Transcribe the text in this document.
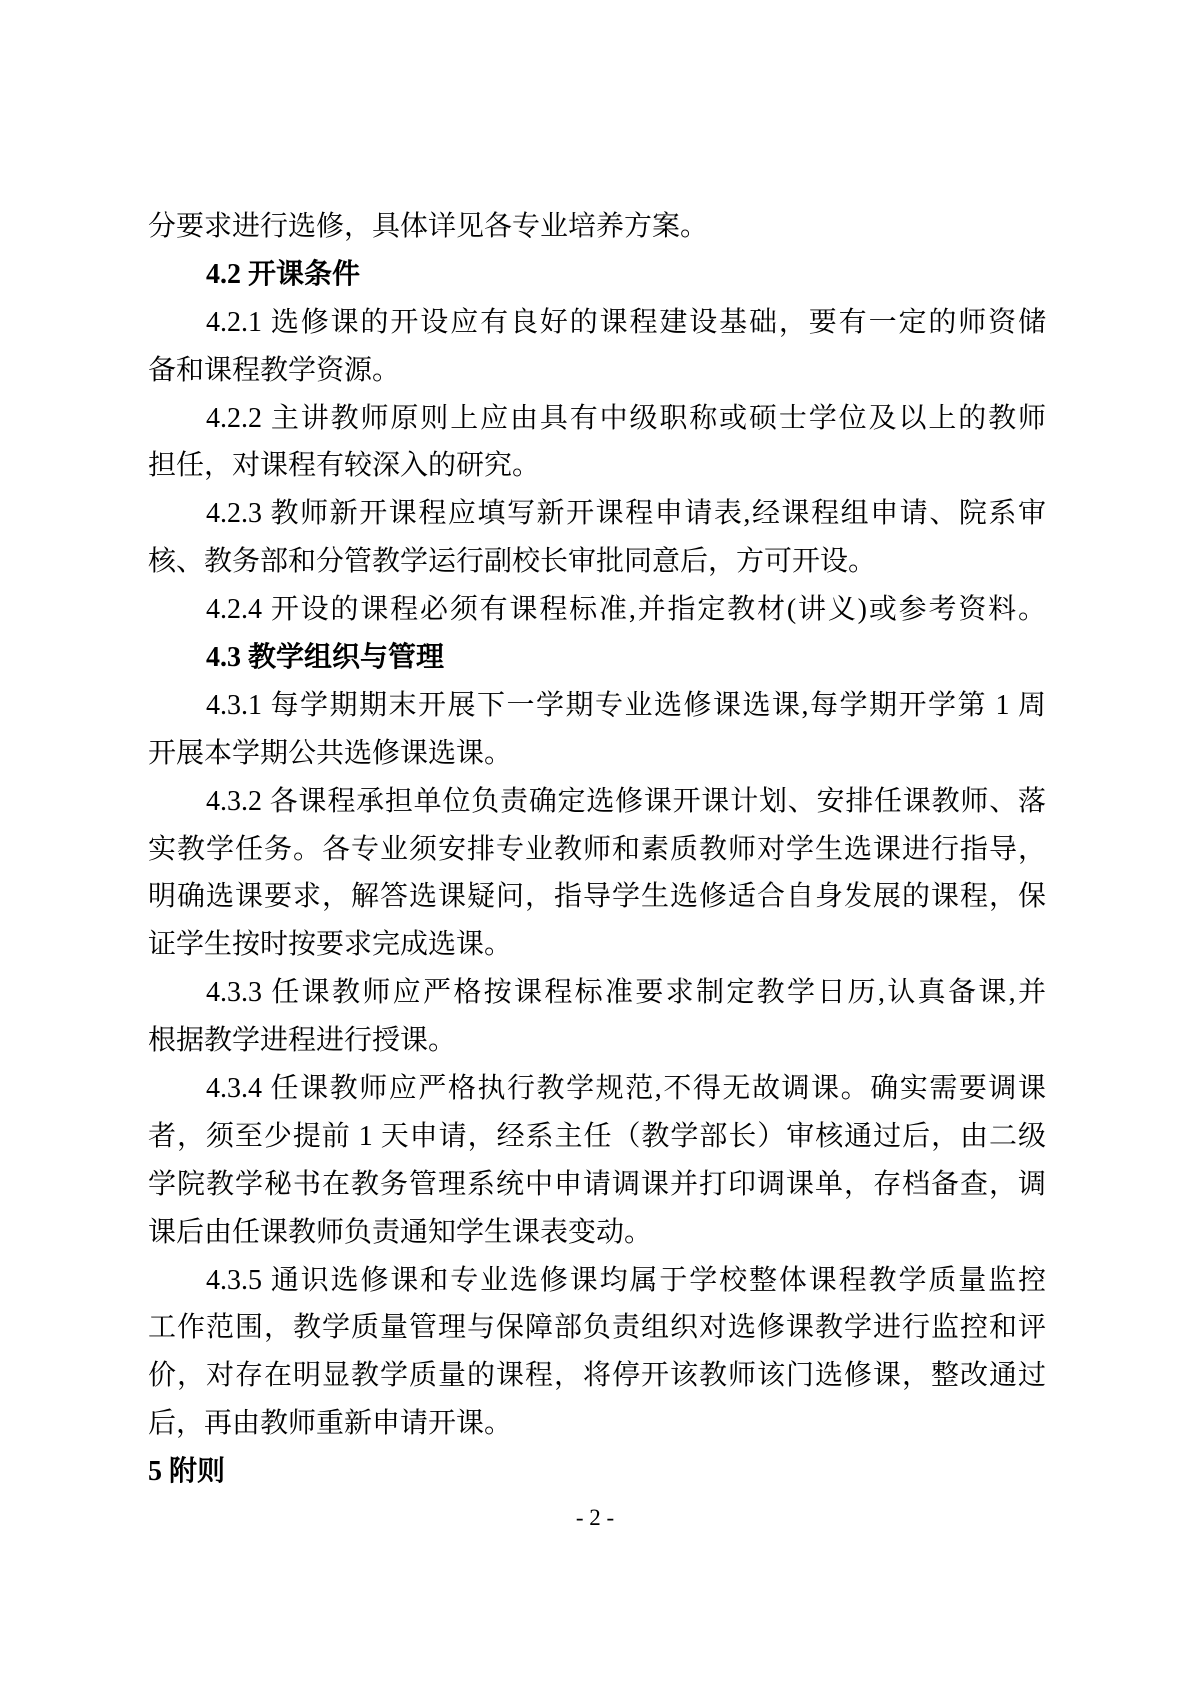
分要求进行选修，具体详见各专业培养方案。
4.2 开课条件
4.2.1 选修课的开设应有良好的课程建设基础，要有一定的师资储
备和课程教学资源。
4.2.2 主讲教师原则上应由具有中级职称或硕士学位及以上的教师
担任，对课程有较深入的研究。
4.2.3 教师新开课程应填写新开课程申请表,经课程组申请、院系审
核、教务部和分管教学运行副校长审批同意后，方可开设。
4.2.4 开设的课程必须有课程标准,并指定教材(讲义)或参考资料。
4.3 教学组织与管理
4.3.1 每学期期末开展下一学期专业选修课选课,每学期开学第 1 周
开展本学期公共选修课选课。
4.3.2 各课程承担单位负责确定选修课开课计划、安排任课教师、落
实教学任务。各专业须安排专业教师和素质教师对学生选课进行指导，
明确选课要求，解答选课疑问，指导学生选修适合自身发展的课程，保
证学生按时按要求完成选课。
4.3.3 任课教师应严格按课程标准要求制定教学日历,认真备课,并
根据教学进程进行授课。
4.3.4 任课教师应严格执行教学规范,不得无故调课。确实需要调课
者，须至少提前 1 天申请，经系主任（教学部长）审核通过后，由二级
学院教学秘书在教务管理系统中申请调课并打印调课单，存档备查，调
课后由任课教师负责通知学生课表变动。
4.3.5 通识选修课和专业选修课均属于学校整体课程教学质量监控
工作范围，教学质量管理与保障部负责组织对选修课教学进行监控和评
价，对存在明显教学质量的课程，将停开该教师该门选修课，整改通过
后，再由教师重新申请开课。
5 附则
- 2 -
